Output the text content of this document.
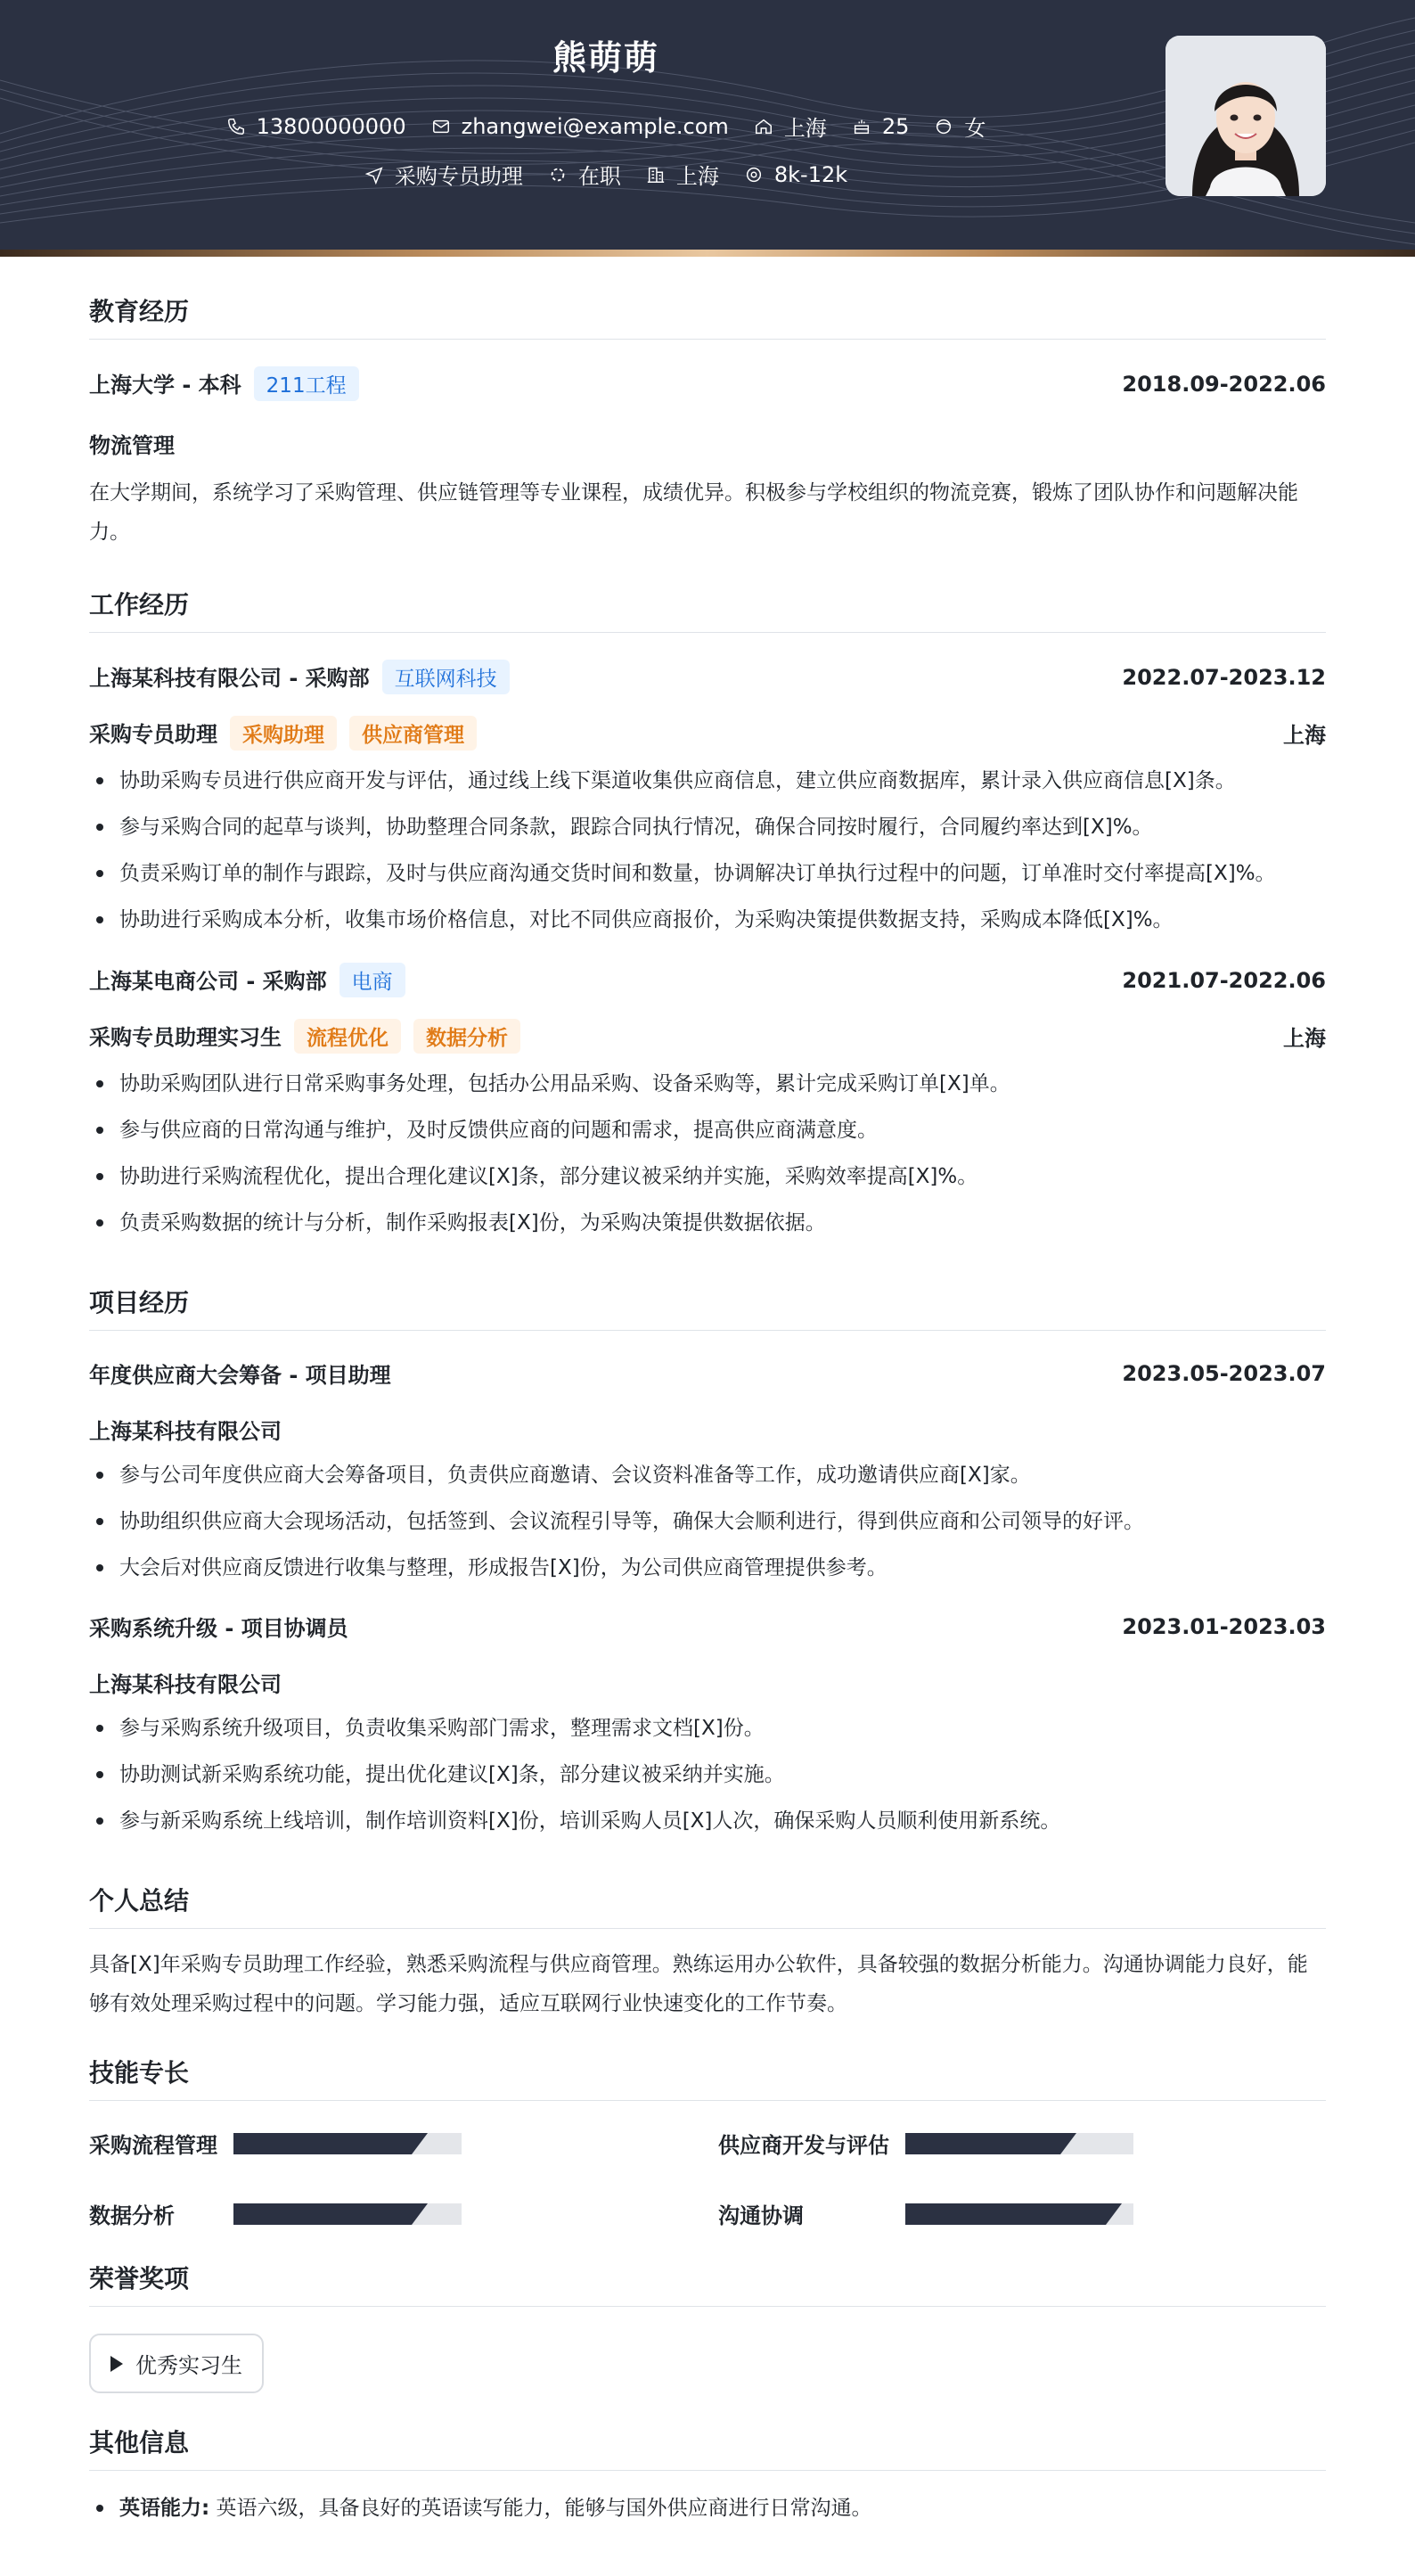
熊萌萌
13800000000	zhangwei@example.com	上海	25	女
采购专员助理	在职	上海	8k-12k
教育经历
上海大学 - 本科 211工程	2018.09-2022.06
物流管理
在大学期间，系统学习了采购管理、供应链管理等专业课程，成绩优异。积极参与学校组织的物流竞赛，锻炼了团队协作和问题解决能力。
工作经历
上海某科技有限公司 - 采购部 互联网科技	2022.07-2023.12
采购专员助理 采购助理 供应商管理	上海
协助采购专员进行供应商开发与评估，通过线上线下渠道收集供应商信息，建立供应商数据库，累计录入供应商信息[X]条。
参与采购合同的起草与谈判，协助整理合同条款，跟踪合同执行情况，确保合同按时履行，合同履约率达到[X]%。
负责采购订单的制作与跟踪，及时与供应商沟通交货时间和数量，协调解决订单执行过程中的问题，订单准时交付率提高[X]%。
协助进行采购成本分析，收集市场价格信息，对比不同供应商报价，为采购决策提供数据支持，采购成本降低[X]%。
上海某电商公司 - 采购部 电商	2021.07-2022.06
采购专员助理实习生 流程优化 数据分析	上海
协助采购团队进行日常采购事务处理，包括办公用品采购、设备采购等，累计完成采购订单[X]单。
参与供应商的日常沟通与维护，及时反馈供应商的问题和需求，提高供应商满意度。
协助进行采购流程优化，提出合理化建议[X]条，部分建议被采纳并实施，采购效率提高[X]%。
负责采购数据的统计与分析，制作采购报表[X]份，为采购决策提供数据依据。
项目经历
年度供应商大会筹备 - 项目助理	2023.05-2023.07
上海某科技有限公司
参与公司年度供应商大会筹备项目，负责供应商邀请、会议资料准备等工作，成功邀请供应商[X]家。
协助组织供应商大会现场活动，包括签到、会议流程引导等，确保大会顺利进行，得到供应商和公司领导的好评。
大会后对供应商反馈进行收集与整理，形成报告[X]份，为公司供应商管理提供参考。
采购系统升级 - 项目协调员	2023.01-2023.03
上海某科技有限公司
参与采购系统升级项目，负责收集采购部门需求，整理需求文档[X]份。
协助测试新采购系统功能，提出优化建议[X]条，部分建议被采纳并实施。
参与新采购系统上线培训，制作培训资料[X]份，培训采购人员[X]人次，确保采购人员顺利使用新系统。
个人总结
具备[X]年采购专员助理工作经验，熟悉采购流程与供应商管理。熟练运用办公软件，具备较强的数据分析能力。沟通协调能力良好，能够有效处理采购过程中的问题。学习能力强，适应互联网行业快速变化的工作节奏。
技能专长
采购流程管理	供应商开发与评估
数据分析	沟通协调
荣誉奖项
优秀实习生
其他信息
英语能力: 英语六级，具备良好的英语读写能力，能够与国外供应商进行日常沟通。
